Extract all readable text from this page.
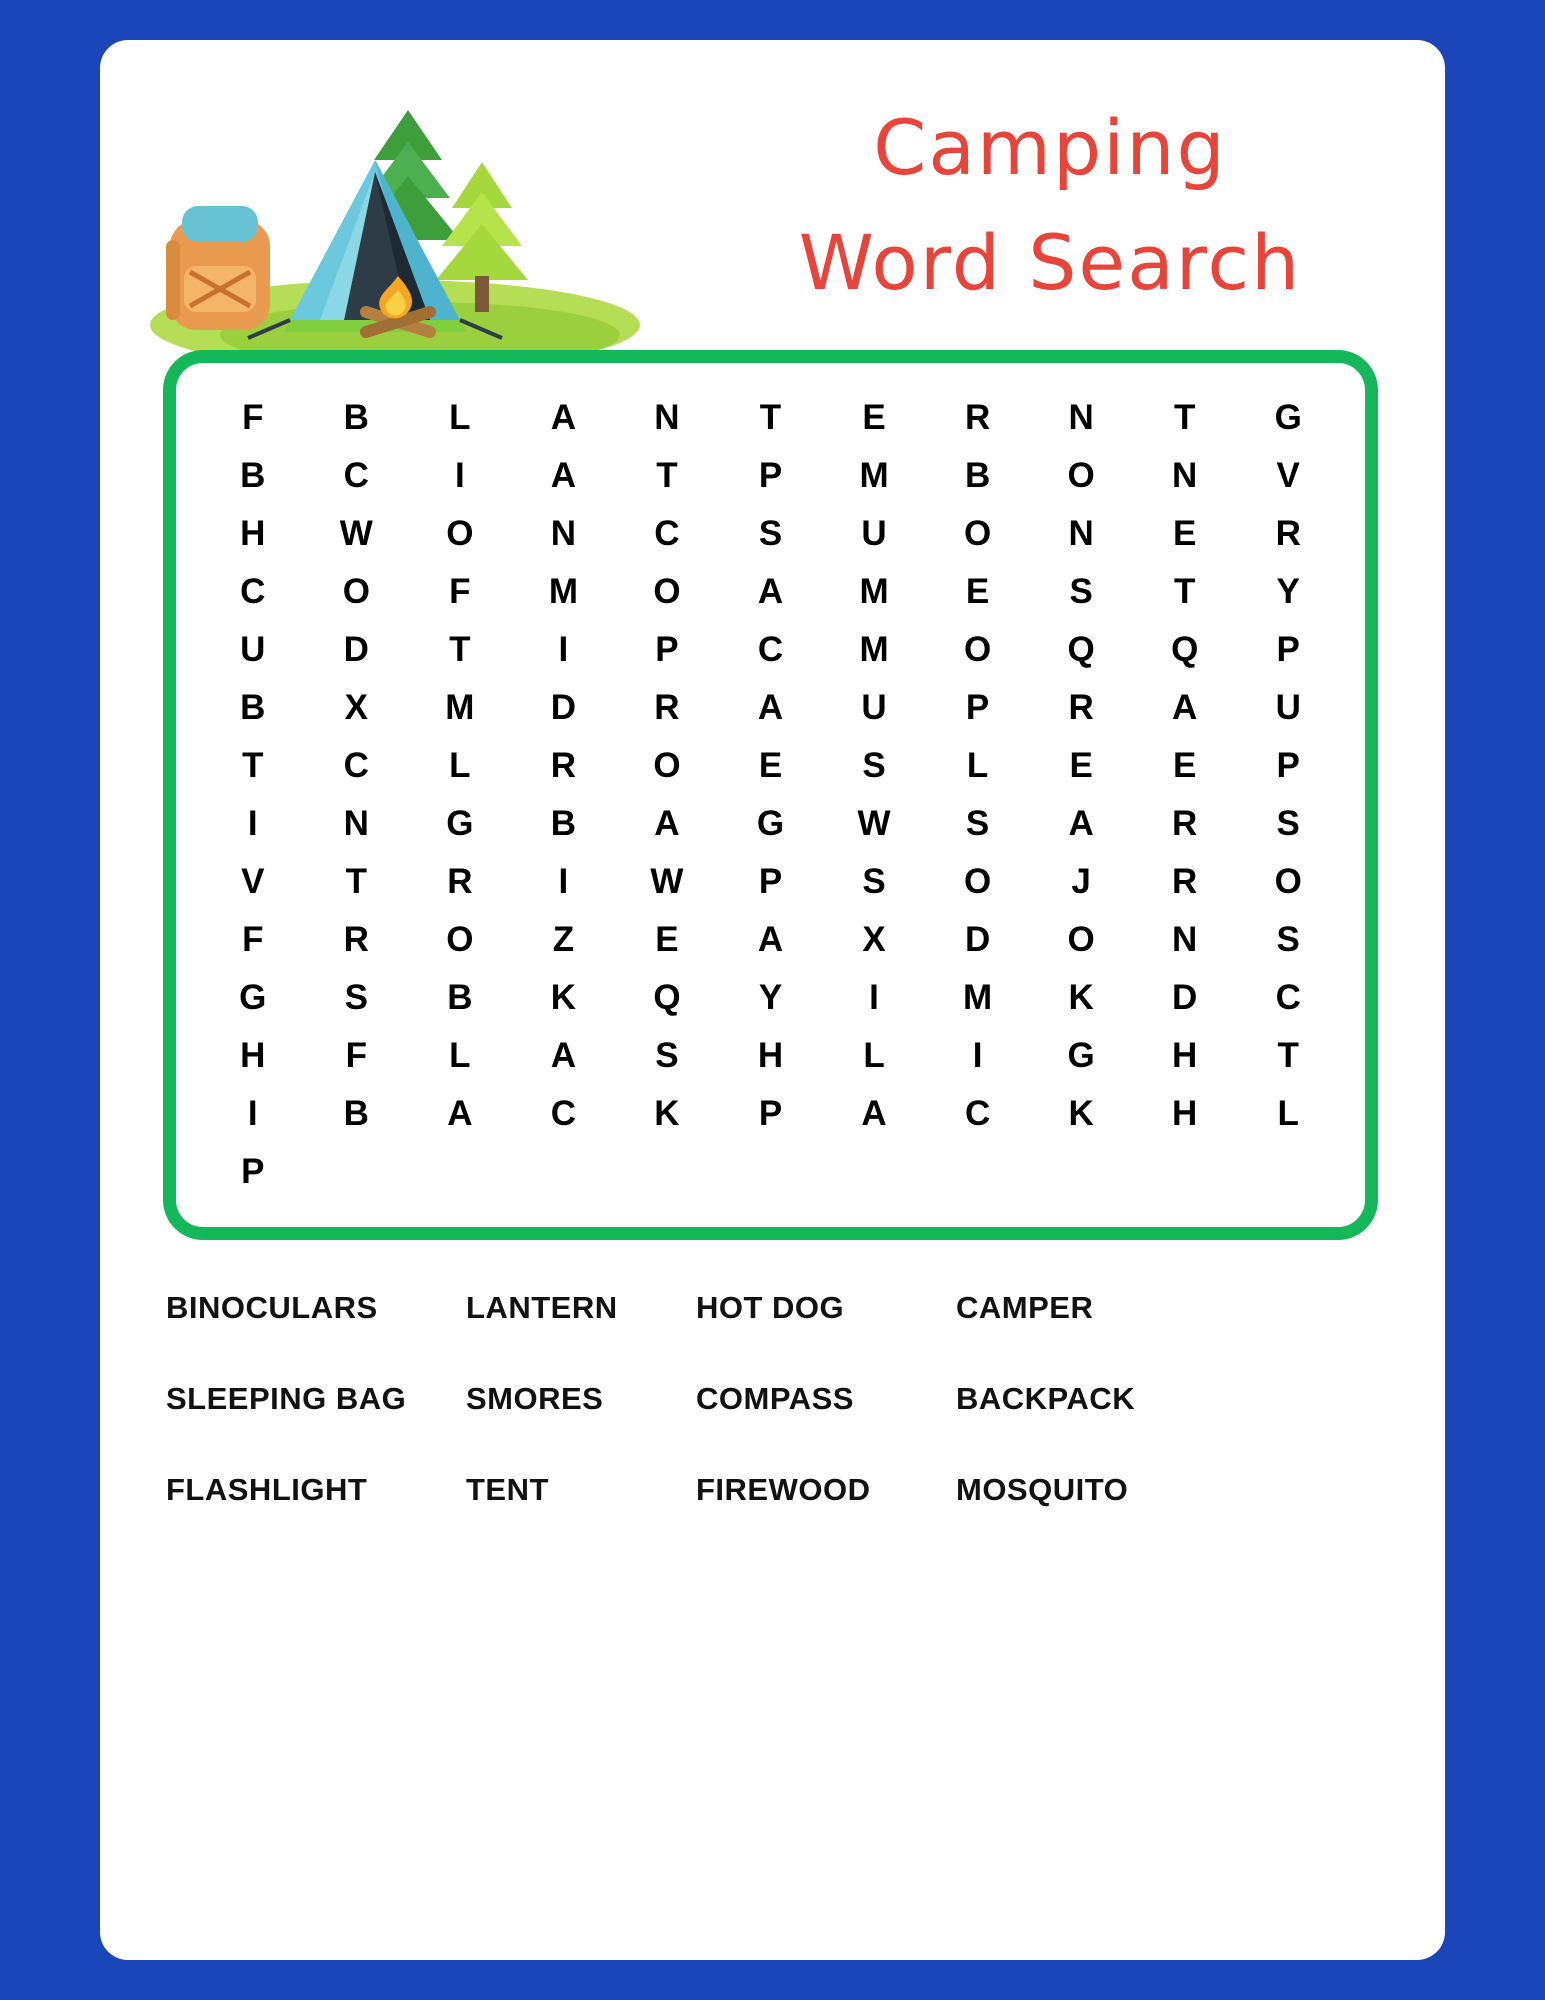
Camping
Word Search
F	B	L	A	N	T	E	R	N	T	G
B	C	I	A	T	P	M	B	O	N	V
H	W	O	N	C	S	U	O	N	E	R
C	O	F	M	O	A	M	E	S	T	Y
U	D	T	I	P	C	M	O	Q	Q	P
B	X	M	D	R	A	U	P	R	A	U
T	C	L	R	O	E	S	L	E	E	P
I	N	G	B	A	G	W	S	A	R	S
V	T	R	I	W	P	S	O	J	R	O
F	R	O	Z	E	A	X	D	O	N	S
G	S	B	K	Q	Y	I	M	K	D	C
H	F	L	A	S	H	L	I	G	H	T
I	B	A	C	K	P	A	C	K	H	L
P
BINOCULARS	LANTERN	HOT DOG	CAMPER
SLEEPING BAG	SMORES	COMPASS	BACKPACK
FLASHLIGHT	TENT	FIREWOOD	MOSQUITO
